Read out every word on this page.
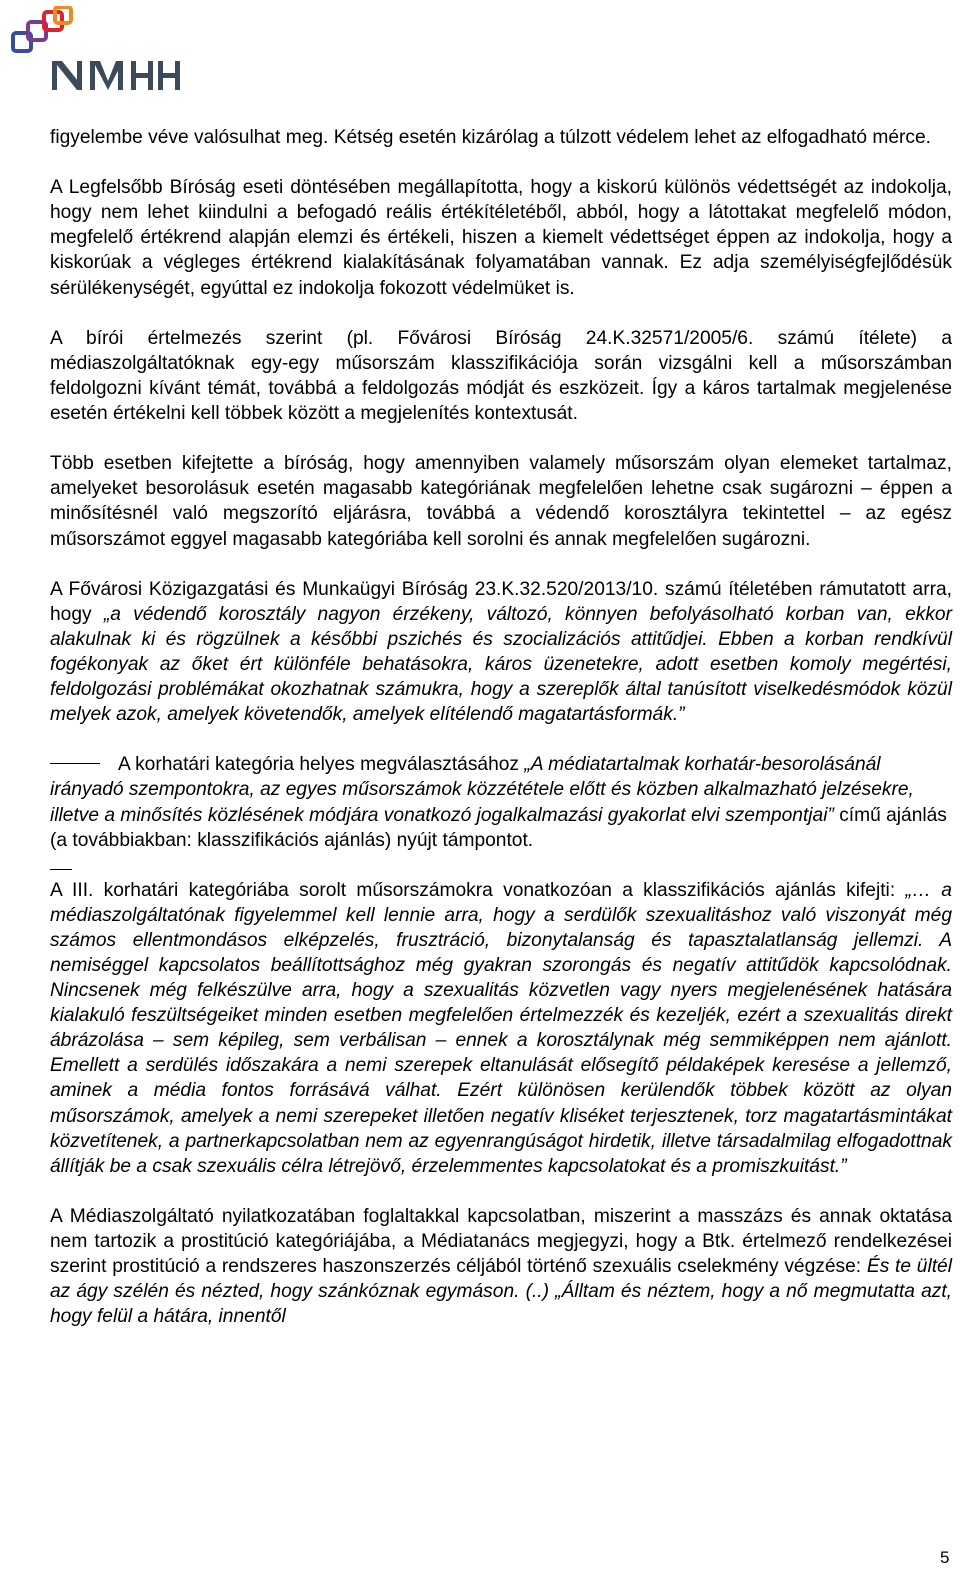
figyelembe véve valósulhat meg. Kétség esetén kizárólag a túlzott védelem lehet az elfogadható mérce.

A Legfelsőbb Bíróság eseti döntésében megállapította, hogy a kiskorú különös védettségét az indokolja, hogy nem lehet kiindulni a befogadó reális értékítéletéből, abból, hogy a látottakat megfelelő módon, megfelelő értékrend alapján elemzi és értékeli, hiszen a kiemelt védettséget éppen az indokolja, hogy a kiskorúak a végleges értékrend kialakításának folyamatában vannak. Ez adja személyiségfejlődésük sérülékenységét, egyúttal ez indokolja fokozott védelmüket is.

A bírói értelmezés szerint (pl. Fővárosi Bíróság 24.K.32571/2005/6. számú ítélete) a médiaszolgáltatóknak egy-egy műsorszám klasszifikációja során vizsgálni kell a műsorszámban feldolgozni kívánt témát, továbbá a feldolgozás módját és eszközeit. Így a káros tartalmak megjelenése esetén értékelni kell többek között a megjelenítés kontextusát.

Több esetben kifejtette a bíróság, hogy amennyiben valamely műsorszám olyan elemeket tartalmaz, amelyeket besorolásuk esetén magasabb kategóriának megfelelően lehetne csak sugározni – éppen a minősítésnél való megszorító eljárásra, továbbá a védendő korosztályra tekintettel – az egész műsorszámot eggyel magasabb kategóriába kell sorolni és annak megfelelően sugározni.

A Fővárosi Közigazgatási és Munkaügyi Bíróság 23.K.32.520/2013/10. számú ítéletében rámutatott arra, hogy „a védendő korosztály nagyon érzékeny, változó, könnyen befolyásolható korban van, ekkor alakulnak ki és rögzülnek a későbbi pszichés és szocializációs attitűdjei. Ebben a korban rendkívül fogékonyak az őket ért különféle behatásokra, káros üzenetekre, adott esetben komoly megértési, feldolgozási problémákat okozhatnak számukra, hogy a szereplők által tanúsított viselkedésmódok közül melyek azok, amelyek követendők, amelyek elítélendő magatartásformák.”

A korhatári kategória helyes megválasztásához „A médiatartalmak korhatár-besorolásánál irányadó szempontokra, az egyes műsorszámok közzététele előtt és közben alkalmazható jelzésekre, illetve a minősítés közlésének módjára vonatkozó jogalkalmazási gyakorlat elvi szempontjai” című ajánlás (a továbbiakban: klasszifikációs ajánlás) nyújt támpontot.

A III. korhatári kategóriába sorolt műsorszámokra vonatkozóan a klasszifikációs ajánlás kifejti: „… a médiaszolgáltatónak figyelemmel kell lennie arra, hogy a serdülők szexualitáshoz való viszonyát még számos ellentmondásos elképzelés, frusztráció, bizonytalanság és tapasztalatlanság jellemzi. A nemiséggel kapcsolatos beállítottsághoz még gyakran szorongás és negatív attitűdök kapcsolódnak. Nincsenek még felkészülve arra, hogy a szexualitás közvetlen vagy nyers megjelenésének hatására kialakuló feszültségeiket minden esetben megfelelően értelmezzék és kezeljék, ezért a szexualitás direkt ábrázolása – sem képileg, sem verbálisan – ennek a korosztálynak még semmiképpen nem ajánlott. Emellett a serdülés időszakára a nemi szerepek eltanulását elősegítő példaképek keresése a jellemző, aminek a média fontos forrásává válhat. Ezért különösen kerülendők többek között az olyan műsorszámok, amelyek a nemi szerepeket illetően negatív kliséket terjesztenek, torz magatartásmintákat közvetítenek, a partnerkapcsolatban nem az egyenrangúságot hirdetik, illetve társadalmilag elfogadottnak állítják be a csak szexuális célra létrejövő, érzelemmentes kapcsolatokat és a promiszkuitást.”

A Médiaszolgáltató nyilatkozatában foglaltakkal kapcsolatban, miszerint a masszázs és annak oktatása nem tartozik a prostitúció kategóriájába, a Médiatanács megjegyzi, hogy a Btk. értelmező rendelkezései szerint prostitúció a rendszeres haszonszerzés céljából történő szexuális cselekmény végzése: És te ültél az ágy szélén és nézted, hogy szánkóznak egymáson. (..) „Álltam és néztem, hogy a nő megmutatta azt, hogy felül a hátára, innentől

5
